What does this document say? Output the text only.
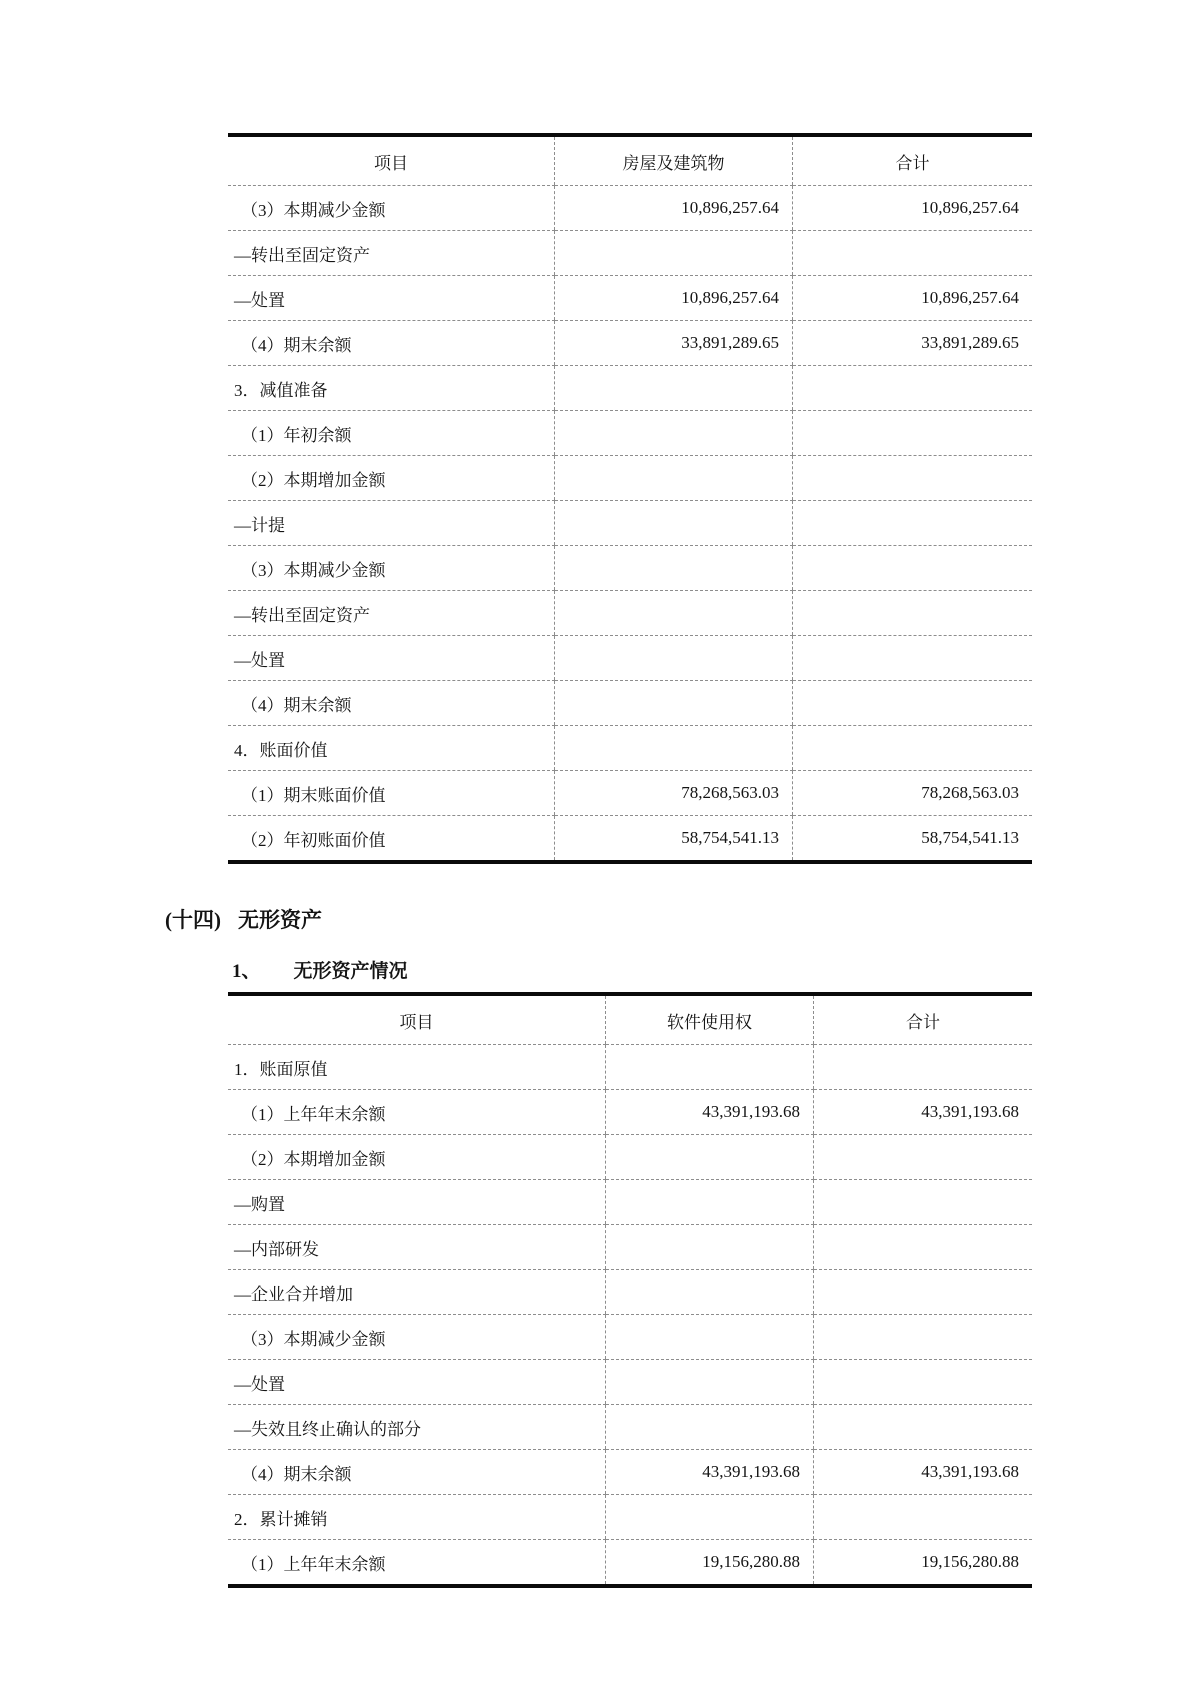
项目	房屋及建筑物	合计
（3）本期减少金额	10,896,257.64	10,896,257.64
—转出至固定资产		
—处置	10,896,257.64	10,896,257.64
（4）期末余额	33,891,289.65	33,891,289.65
3．减值准备		
（1）年初余额		
（2）本期增加金额		
—计提		
（3）本期减少金额		
—转出至固定资产		
—处置		
（4）期末余额		
4．账面价值		
（1）期末账面价值	78,268,563.03	78,268,563.03
（2）年初账面价值	58,754,541.13	58,754,541.13
(十四) 无形资产
1、 无形资产情况
项目	软件使用权	合计
1．账面原值		
（1）上年年末余额	43,391,193.68	43,391,193.68
（2）本期增加金额		
—购置		
—内部研发		
—企业合并增加		
（3）本期减少金额		
—处置		
—失效且终止确认的部分		
（4）期末余额	43,391,193.68	43,391,193.68
2．累计摊销		
（1）上年年末余额	19,156,280.88	19,156,280.88
